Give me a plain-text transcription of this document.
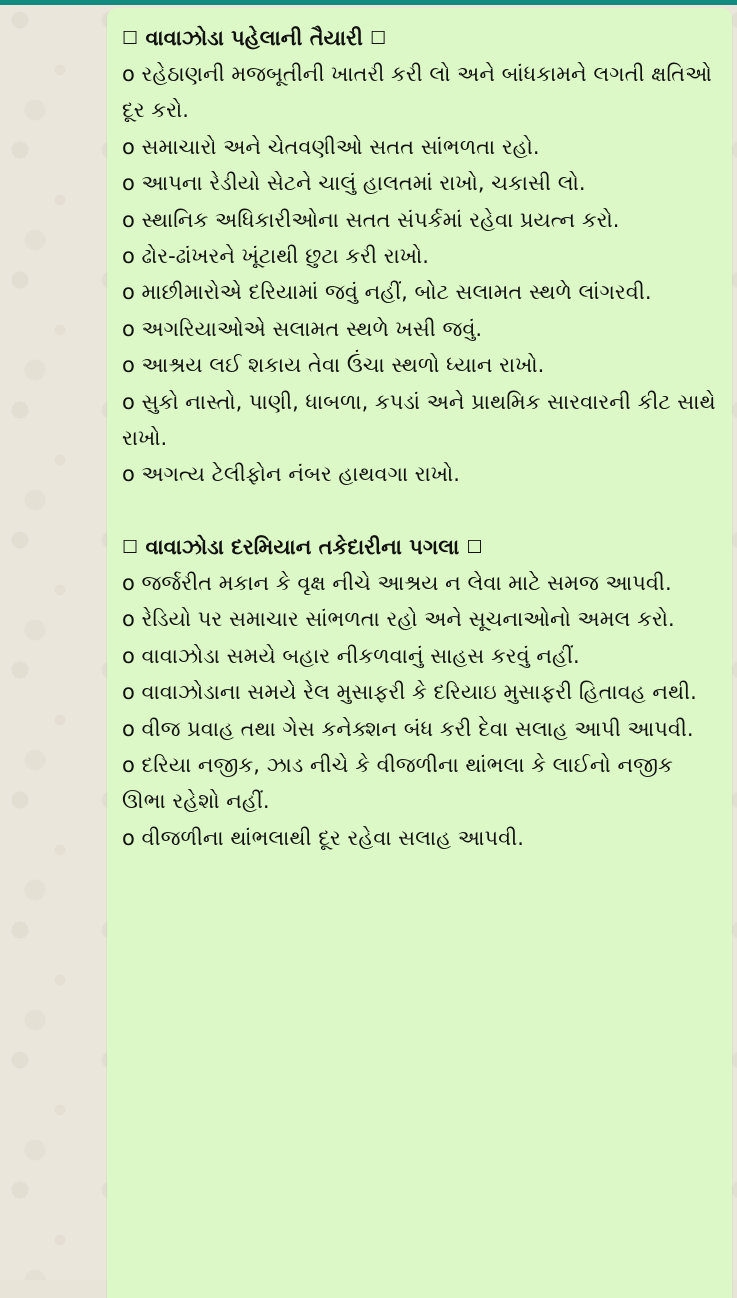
☐ વાવાઝોડા પહેલાની તૈયારી ☐

o રહેઠાણની મજબૂતીની ખાતરી કરી લો અને બાંધકામને લગતી ક્ષતિઓ દૂર કરો.

o સમાચારો અને ચેતવણીઓ સતત સાંભળતા રહો.

o આપના રેડીયો સેટને ચાલું હાલતમાં રાખો, ચકાસી લો.

o સ્થાનિક અધિકારીઓના સતત સંપર્કમાં રહેવા પ્રયત્ન કરો.

o ઢોર-ઢાંખરને ખૂંટાથી છુટા કરી રાખો.

o માછીમારોએ દરિયામાં જવું નહીં, બોટ સલામત સ્થળે લાંગરવી.

o અગરિયાઓએ સલામત સ્થળે ખસી જવું.

o આશ્રય લઈ શકાય તેવા ઉંચા સ્થળો ધ્યાન રાખો.

o સુકો નાસ્તો, પાણી, ધાબળા, કપડાં અને પ્રાથમિક સારવારની કીટ સાથે રાખો.

o અગત્ય ટેલીફોન નંબર હાથવગા રાખો.

☐ વાવાઝોડા દરમિયાન તકેદારીના પગલા ☐

o જર્જરીત મકાન કે વૃક્ષ નીચે આશ્રય ન લેવા માટે સમજ આપવી.

o રેડિયો પર સમાચાર સાંભળતા રહો અને સૂચનાઓનો અમલ કરો.

o વાવાઝોડા સમયે બહાર નીકળવાનું સાહસ કરવું નહીં.

o વાવાઝોડાના સમયે રેલ મુસાફરી કે દરિયાઇ મુસાફરી હિતાવહ નથી.

o વીજ પ્રવાહ તથા ગેસ કનેક્શન બંધ કરી દેવા સલાહ આપી આપવી.

o દરિયા નજીક, ઝાડ નીચે કે વીજળીના થાંભલા કે લાઈનો નજીક ઊભા રહેશો નહીં.

o વીજળીના થાંભલાથી દૂર રહેવા સલાહ આપવી.
